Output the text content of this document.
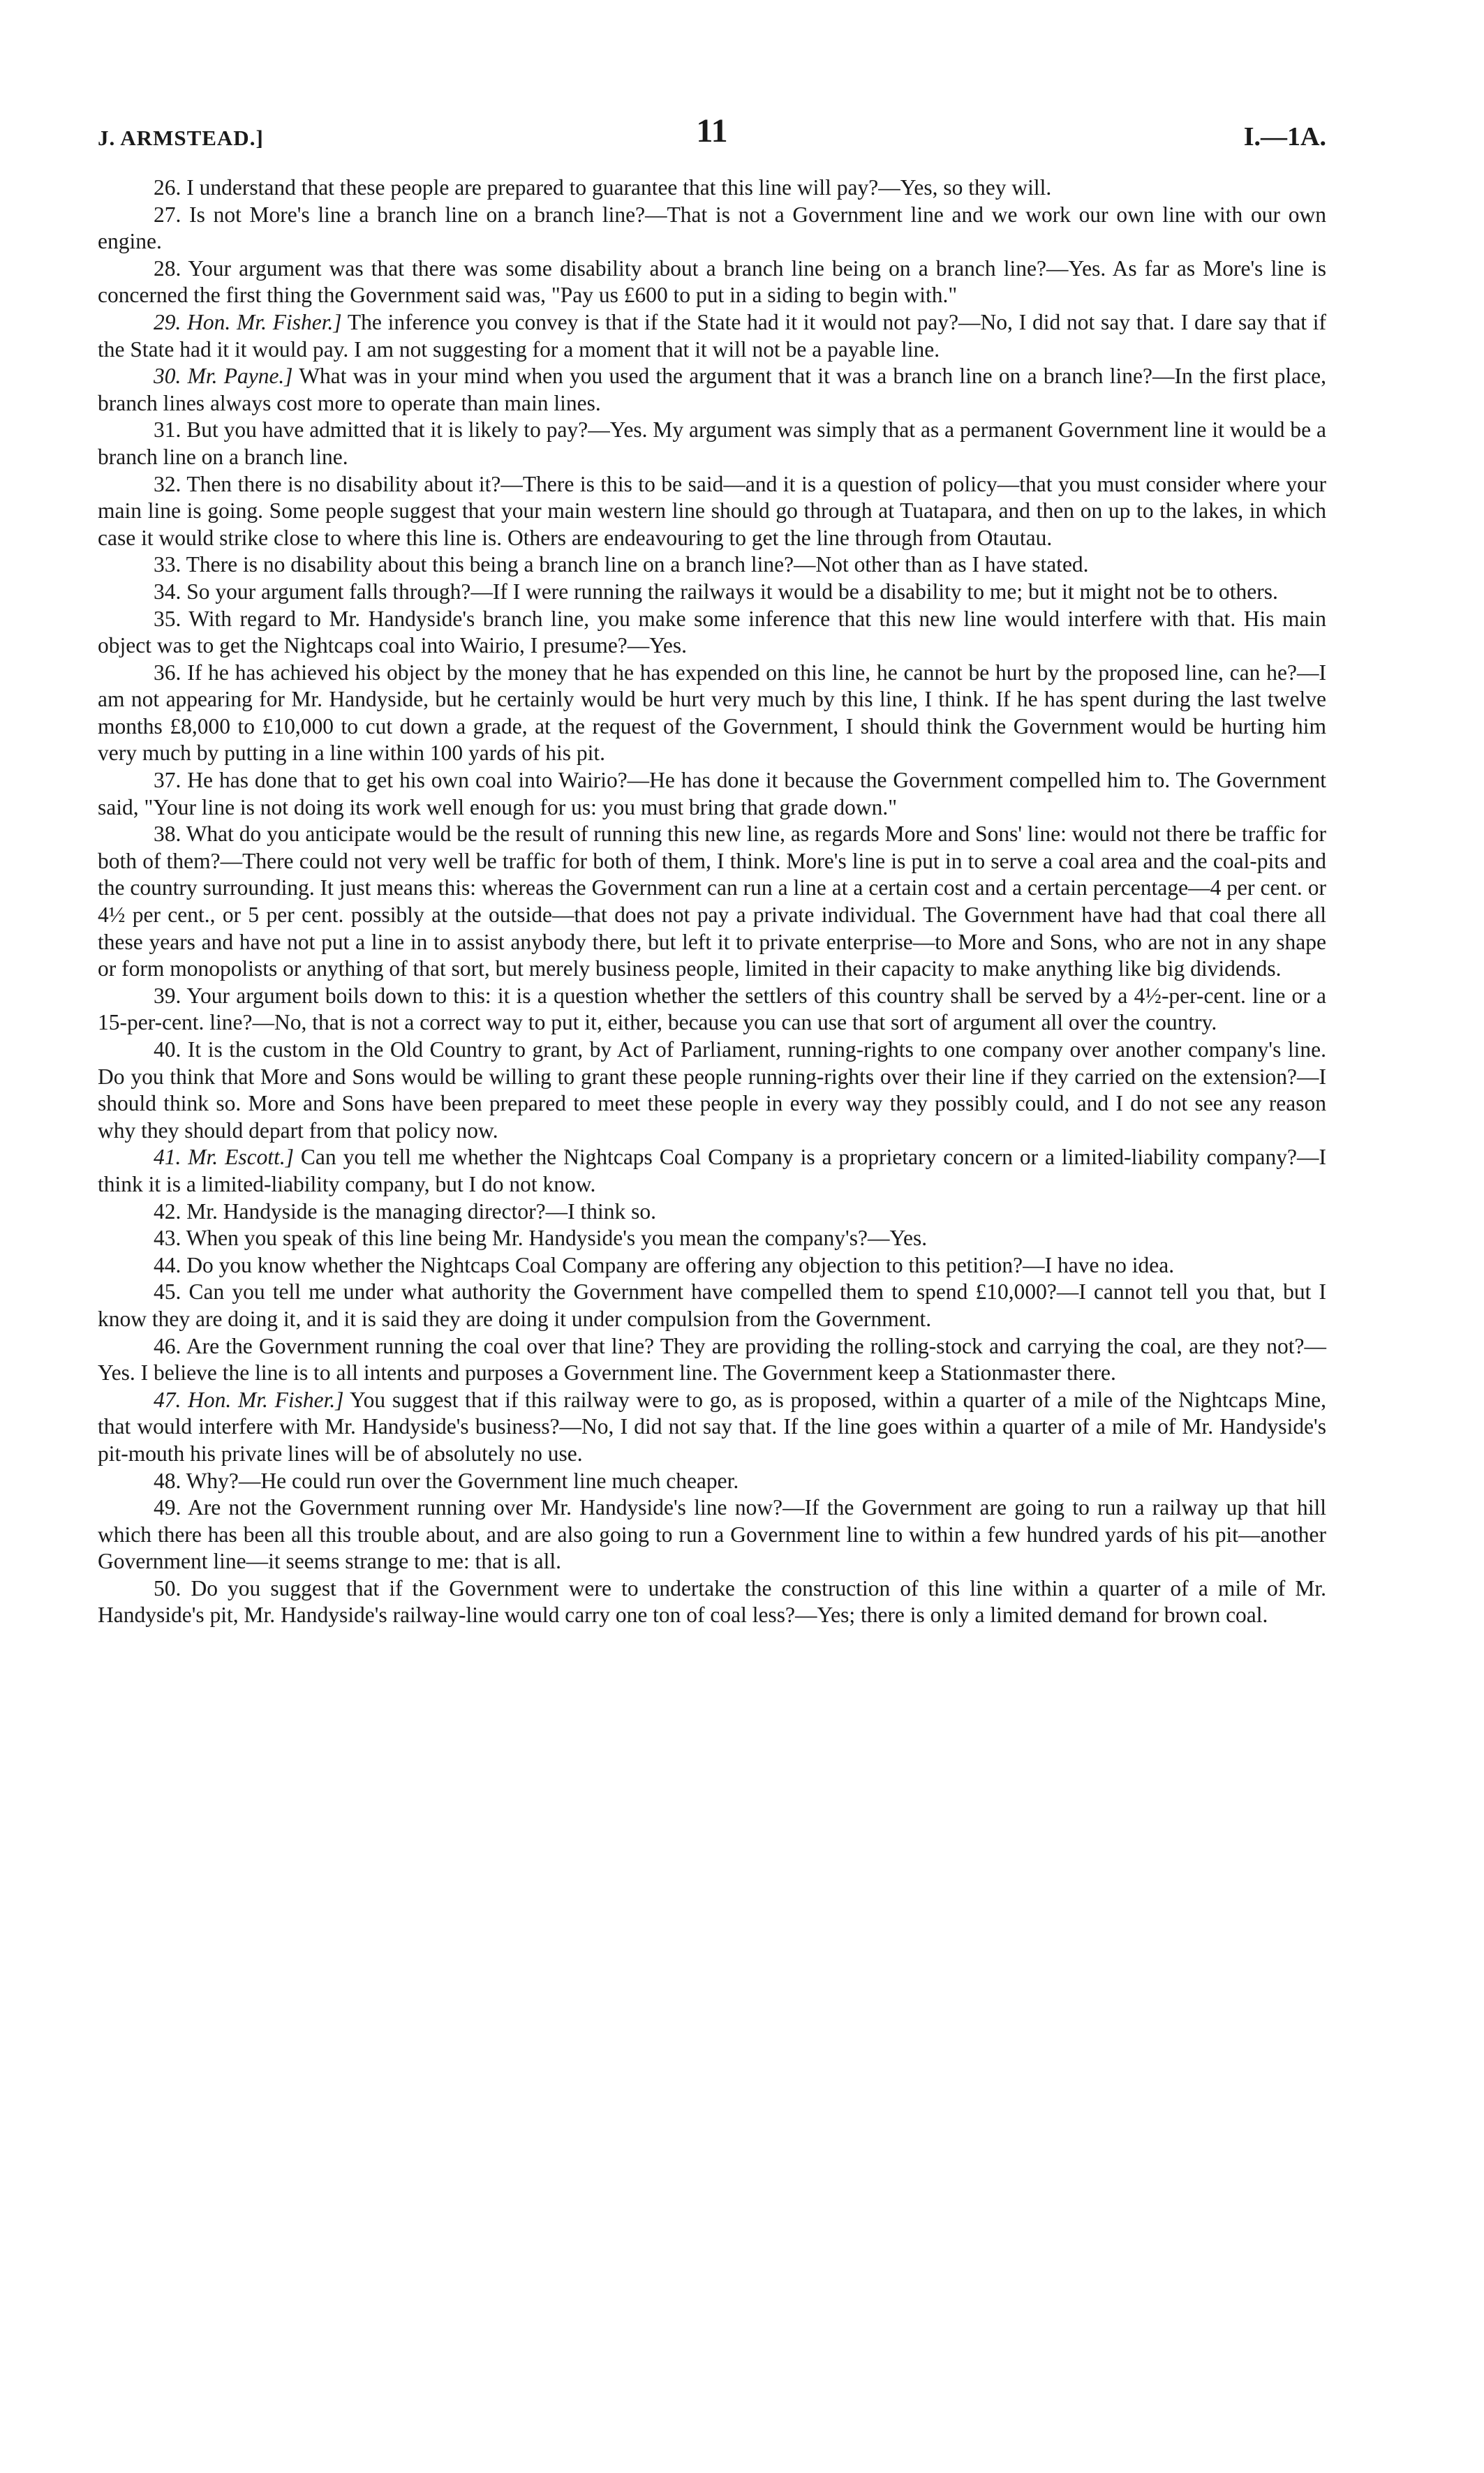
J. ARMSTEAD.]	11	I.—1A.

26. I understand that these people are prepared to guarantee that this line will pay?—Yes, so they will.

27. Is not More's line a branch line on a branch line?—That is not a Government line and we work our own line with our own engine.

28. Your argument was that there was some disability about a branch line being on a branch line?—Yes. As far as More's line is concerned the first thing the Government said was, "Pay us £600 to put in a siding to begin with."

29. Hon. Mr. Fisher.] The inference you convey is that if the State had it it would not pay?—No, I did not say that. I dare say that if the State had it it would pay. I am not suggesting for a moment that it will not be a payable line.

30. Mr. Payne.] What was in your mind when you used the argument that it was a branch line on a branch line?—In the first place, branch lines always cost more to operate than main lines.

31. But you have admitted that it is likely to pay?—Yes. My argument was simply that as a permanent Government line it would be a branch line on a branch line.

32. Then there is no disability about it?—There is this to be said—and it is a question of policy—that you must consider where your main line is going. Some people suggest that your main western line should go through at Tuatapara, and then on up to the lakes, in which case it would strike close to where this line is. Others are endeavouring to get the line through from Otautau.

33. There is no disability about this being a branch line on a branch line?—Not other than as I have stated.

34. So your argument falls through?—If I were running the railways it would be a disability to me; but it might not be to others.

35. With regard to Mr. Handyside's branch line, you make some inference that this new line would interfere with that. His main object was to get the Nightcaps coal into Wairio, I presume?—Yes.

36. If he has achieved his object by the money that he has expended on this line, he cannot be hurt by the proposed line, can he?—I am not appearing for Mr. Handyside, but he certainly would be hurt very much by this line, I think. If he has spent during the last twelve months £8,000 to £10,000 to cut down a grade, at the request of the Government, I should think the Government would be hurting him very much by putting in a line within 100 yards of his pit.

37. He has done that to get his own coal into Wairio?—He has done it because the Government compelled him to. The Government said, "Your line is not doing its work well enough for us: you must bring that grade down."

38. What do you anticipate would be the result of running this new line, as regards More and Sons' line: would not there be traffic for both of them?—There could not very well be traffic for both of them, I think. More's line is put in to serve a coal area and the coal-pits and the country surrounding. It just means this: whereas the Government can run a line at a certain cost and a certain percentage—4 per cent. or 4½ per cent., or 5 per cent. possibly at the outside—that does not pay a private individual. The Government have had that coal there all these years and have not put a line in to assist anybody there, but left it to private enterprise—to More and Sons, who are not in any shape or form monopolists or anything of that sort, but merely business people, limited in their capacity to make anything like big dividends.

39. Your argument boils down to this: it is a question whether the settlers of this country shall be served by a 4½-per-cent. line or a 15-per-cent. line?—No, that is not a correct way to put it, either, because you can use that sort of argument all over the country.

40. It is the custom in the Old Country to grant, by Act of Parliament, running-rights to one company over another company's line. Do you think that More and Sons would be willing to grant these people running-rights over their line if they carried on the extension?—I should think so. More and Sons have been prepared to meet these people in every way they possibly could, and I do not see any reason why they should depart from that policy now.

41. Mr. Escott.] Can you tell me whether the Nightcaps Coal Company is a proprietary concern or a limited-liability company?—I think it is a limited-liability company, but I do not know.

42. Mr. Handyside is the managing director?—I think so.

43. When you speak of this line being Mr. Handyside's you mean the company's?—Yes.

44. Do you know whether the Nightcaps Coal Company are offering any objection to this petition?—I have no idea.

45. Can you tell me under what authority the Government have compelled them to spend £10,000?—I cannot tell you that, but I know they are doing it, and it is said they are doing it under compulsion from the Government.

46. Are the Government running the coal over that line? They are providing the rolling-stock and carrying the coal, are they not?—Yes. I believe the line is to all intents and purposes a Government line. The Government keep a Stationmaster there.

47. Hon. Mr. Fisher.] You suggest that if this railway were to go, as is proposed, within a quarter of a mile of the Nightcaps Mine, that would interfere with Mr. Handyside's business?—No, I did not say that. If the line goes within a quarter of a mile of Mr. Handyside's pit-mouth his private lines will be of absolutely no use.

48. Why?—He could run over the Government line much cheaper.

49. Are not the Government running over Mr. Handyside's line now?—If the Government are going to run a railway up that hill which there has been all this trouble about, and are also going to run a Government line to within a few hundred yards of his pit—another Government line—it seems strange to me: that is all.

50. Do you suggest that if the Government were to undertake the construction of this line within a quarter of a mile of Mr. Handyside's pit, Mr. Handyside's railway-line would carry one ton of coal less?—Yes; there is only a limited demand for brown coal.
